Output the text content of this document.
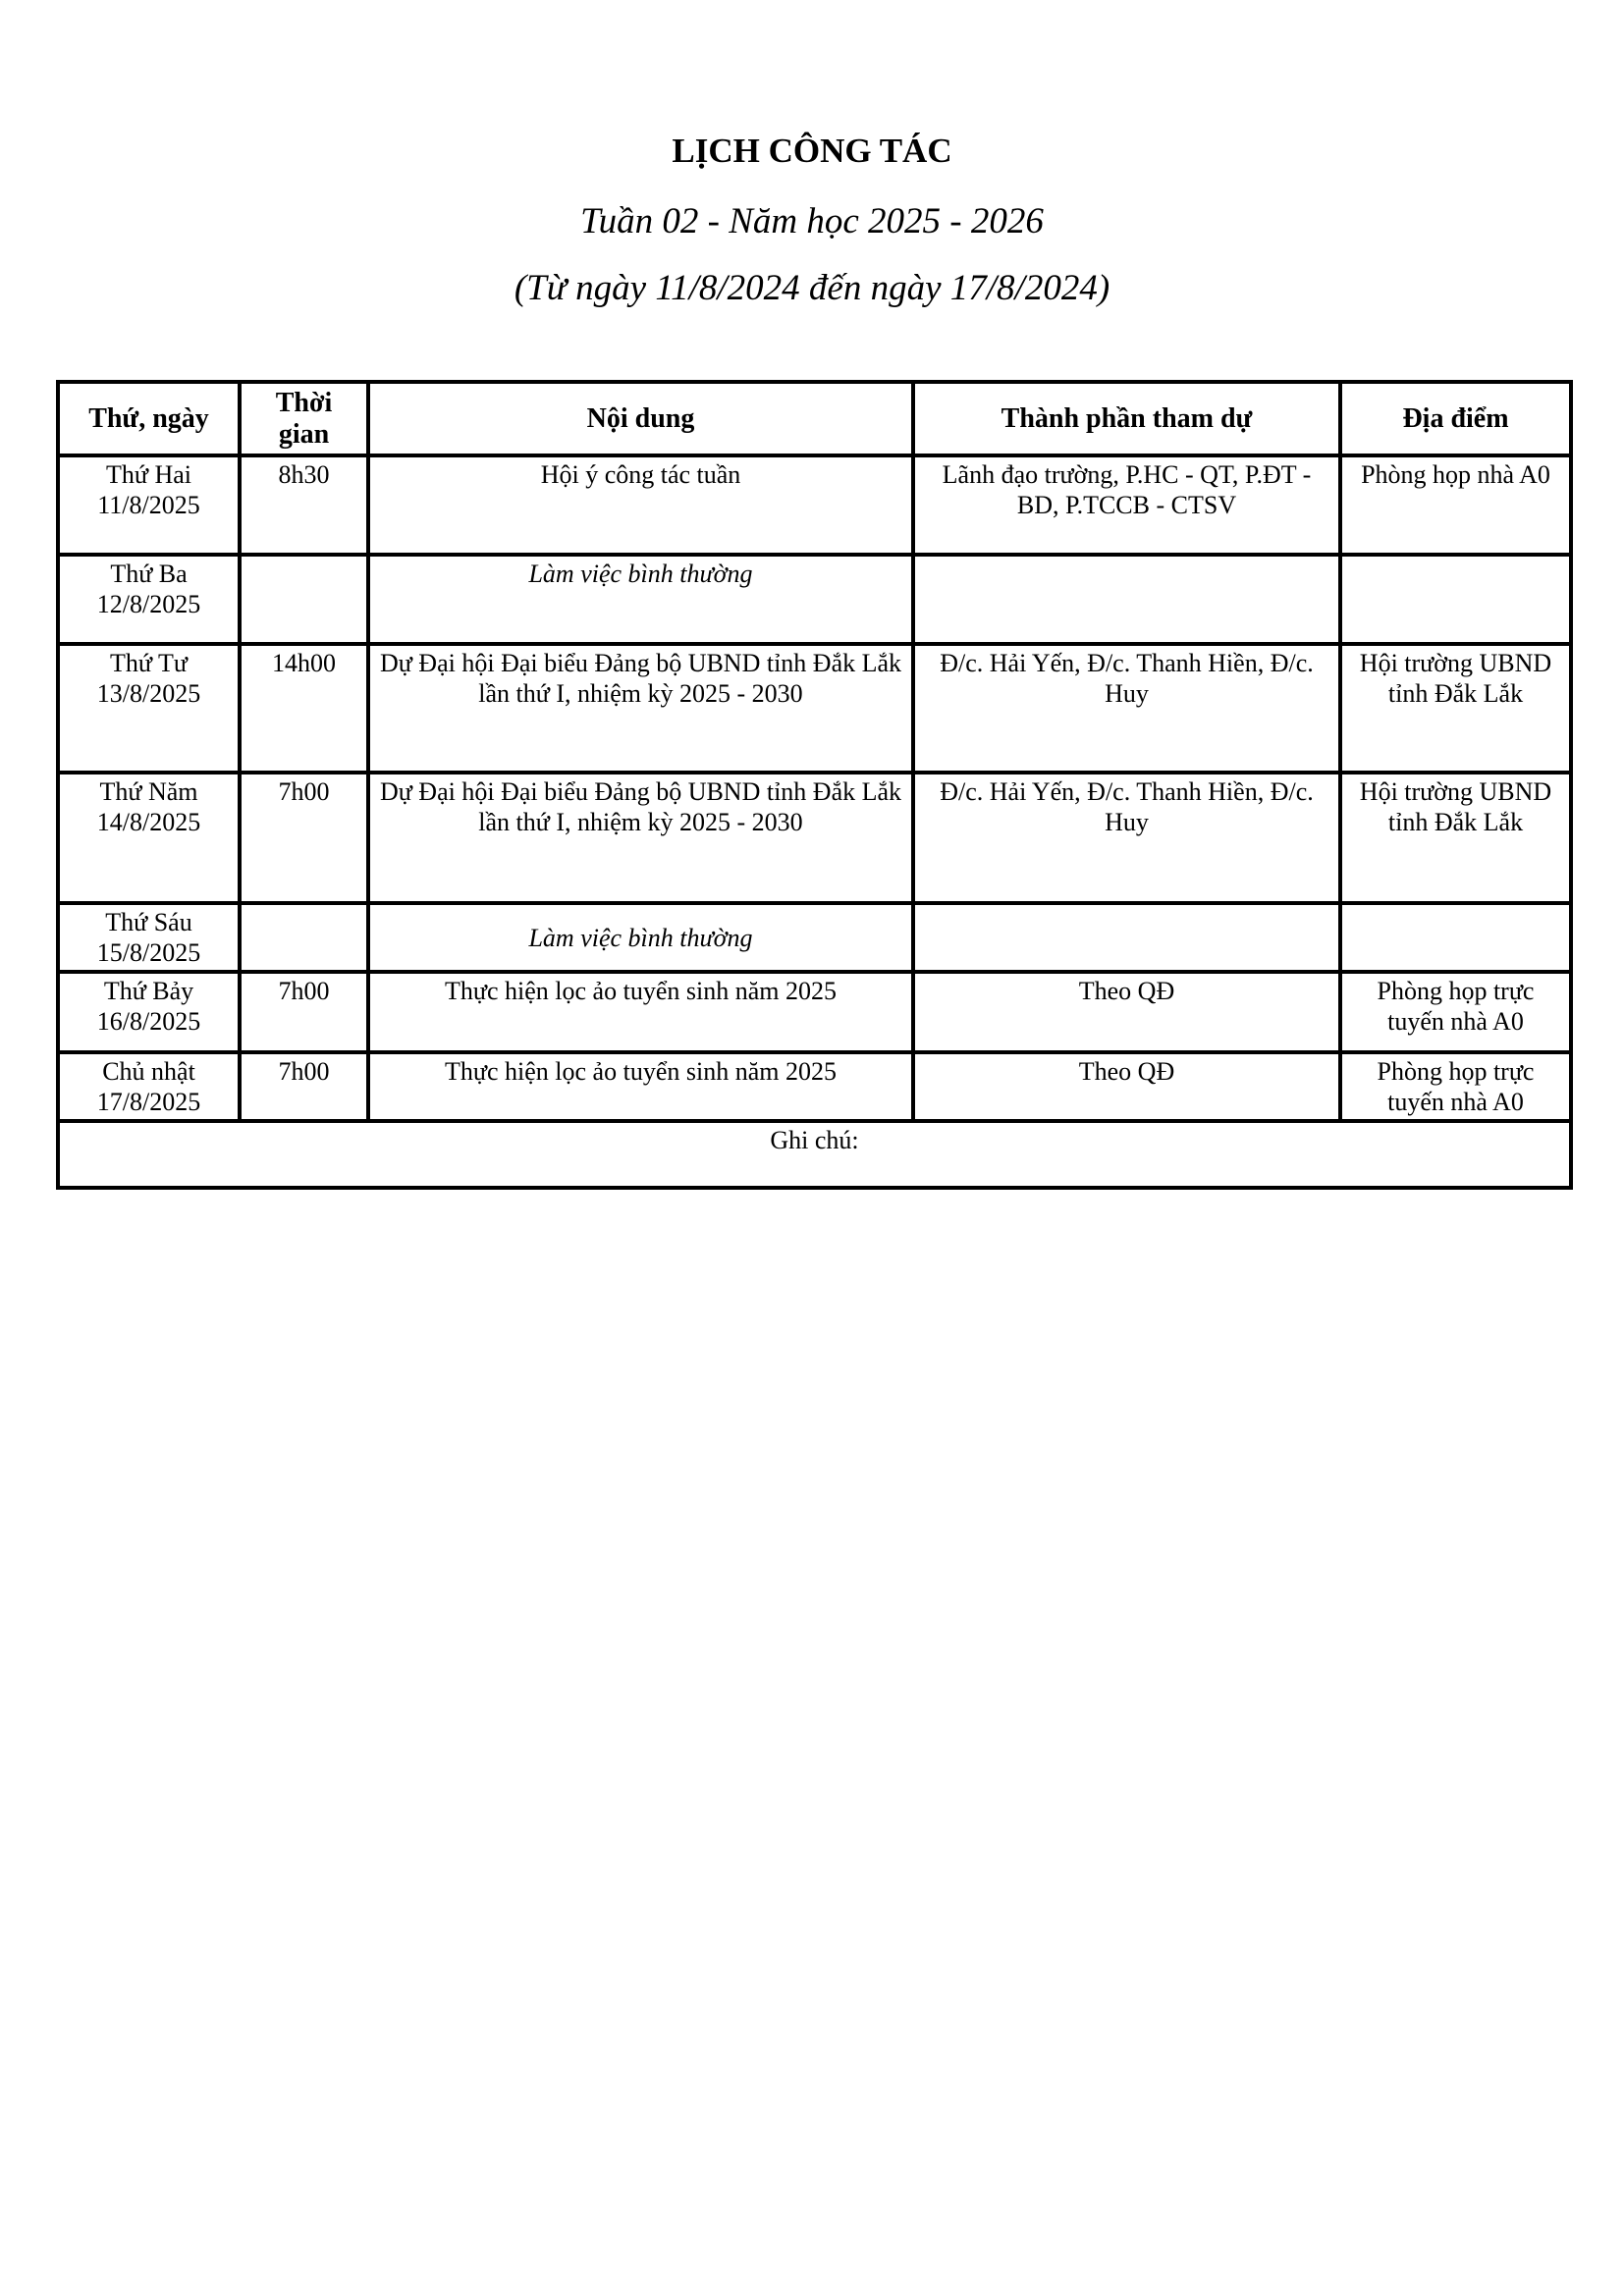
LỊCH CÔNG TÁC
Tuần 02 - Năm học 2025 - 2026
(Từ ngày 11/8/2024 đến ngày 17/8/2024)
Thứ, ngày	Thời gian	Nội dung	Thành phần tham dự	Địa điểm

Thứ Hai
11/8/2025	8h30	Hội ý công tác tuần	Lãnh đạo trường, P.HC - QT, P.ĐT - BD, P.TCCB - CTSV	Phòng họp nhà A0

Thứ Ba
12/8/2025		Làm việc bình thường		

Thứ Tư
13/8/2025	14h00	Dự Đại hội Đại biểu Đảng bộ UBND tỉnh Đắk Lắk lần thứ I, nhiệm kỳ 2025 - 2030	Đ/c. Hải Yến, Đ/c. Thanh Hiền, Đ/c. Huy	Hội trường UBND tỉnh Đắk Lắk

Thứ Năm
14/8/2025	7h00	Dự Đại hội Đại biểu Đảng bộ UBND tỉnh Đắk Lắk lần thứ I, nhiệm kỳ 2025 - 2030	Đ/c. Hải Yến, Đ/c. Thanh Hiền, Đ/c. Huy	Hội trường UBND tỉnh Đắk Lắk

Thứ Sáu
15/8/2025		Làm việc bình thường		

Thứ Bảy
16/8/2025	7h00	Thực hiện lọc ảo tuyển sinh năm 2025	Theo QĐ	Phòng họp trực tuyến nhà A0

Chủ nhật
17/8/2025	7h00	Thực hiện lọc ảo tuyển sinh năm 2025	Theo QĐ	Phòng họp trực tuyến nhà A0
Ghi chú:				
